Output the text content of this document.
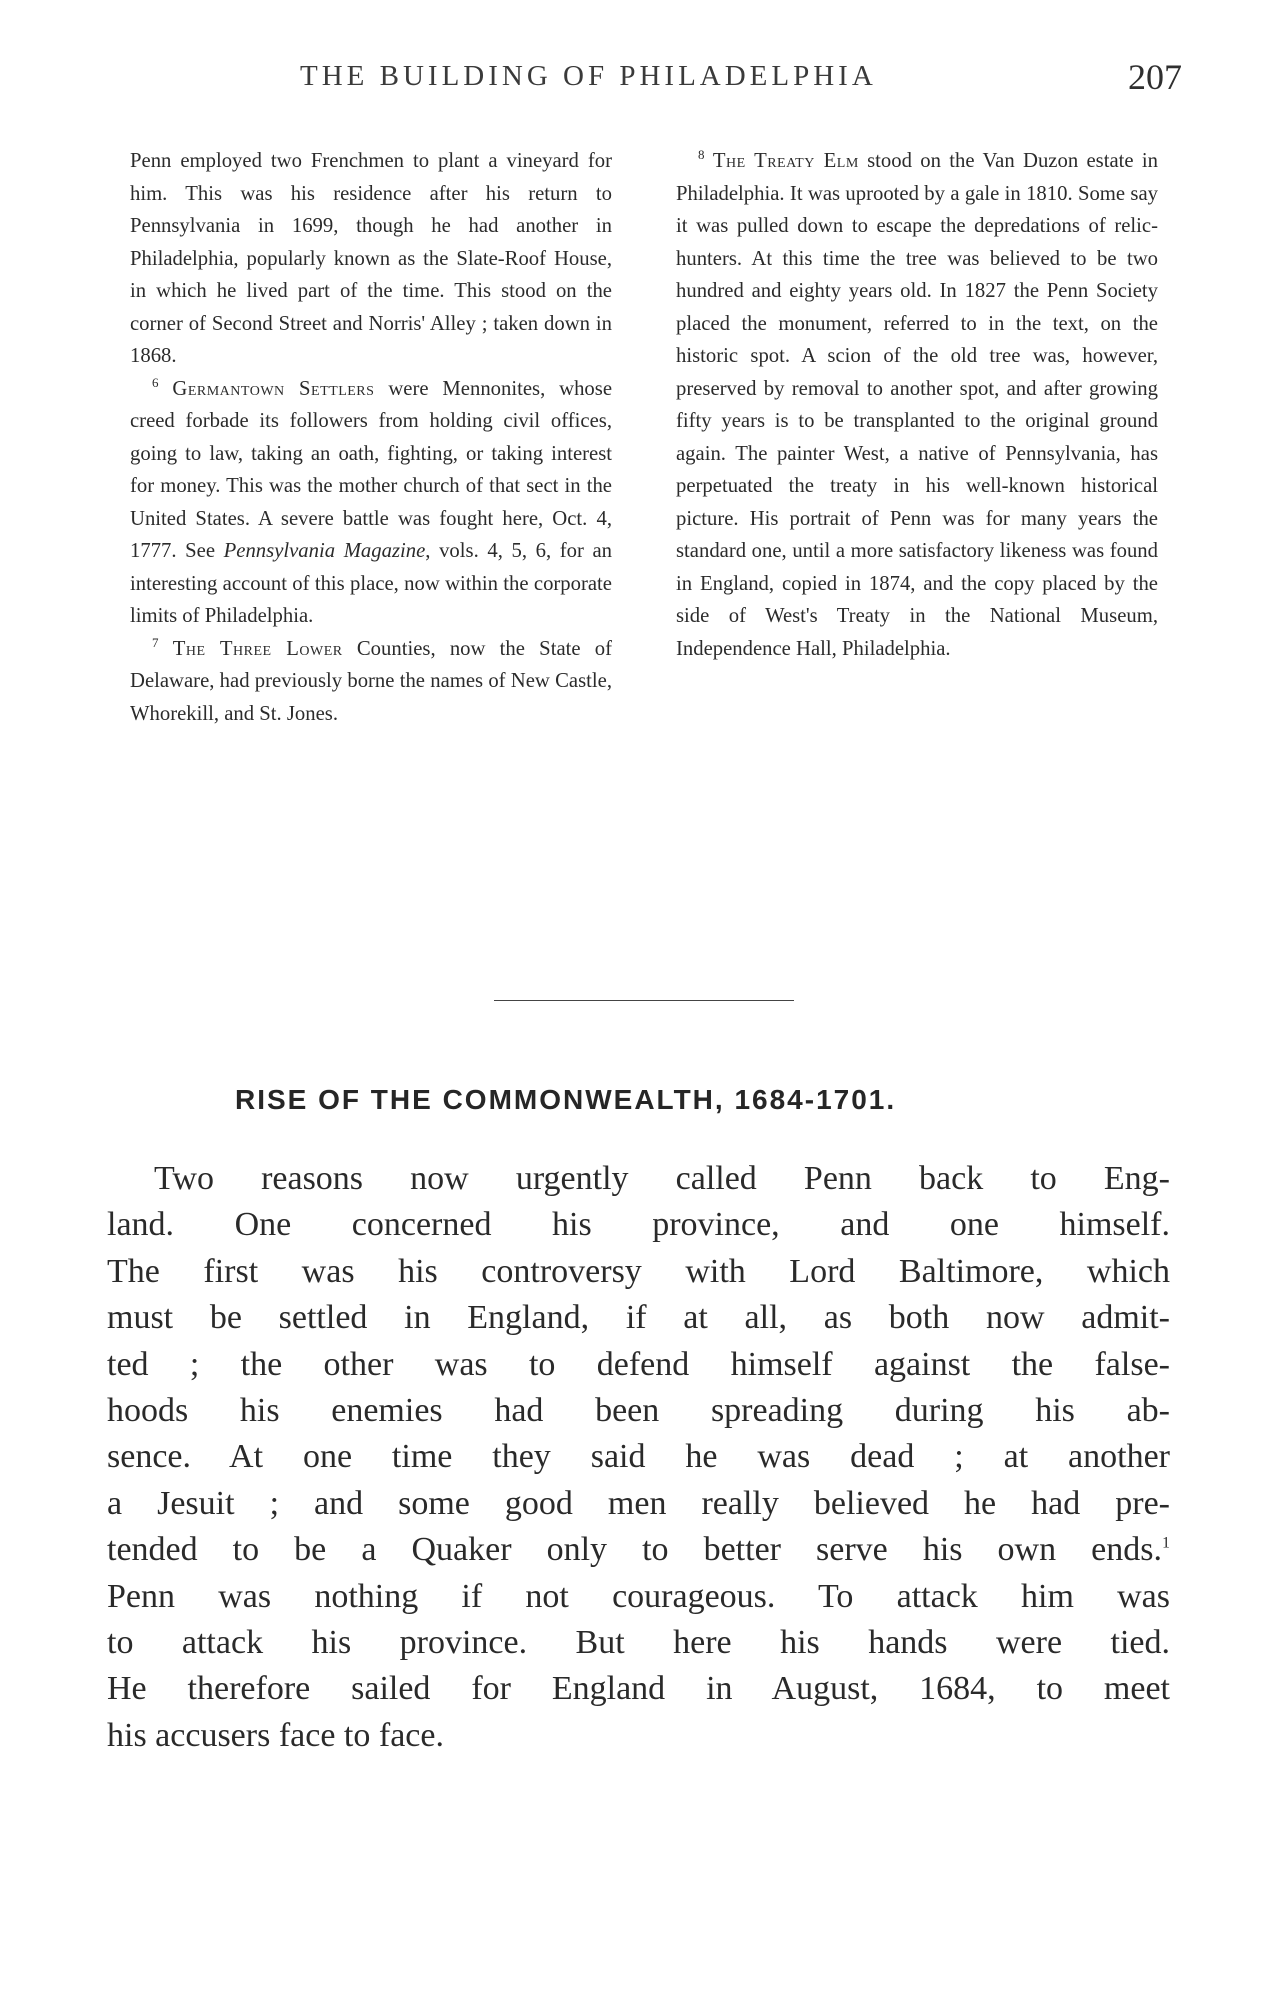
THE BUILDING OF PHILADELPHIA	207

Penn employed two Frenchmen to plant a vineyard for him. This was his residence after his return to Pennsylvania in 1699, though he had another in Philadelphia, popularly known as the Slate-Roof House, in which he lived part of the time. This stood on the corner of Second Street and Norris' Alley ; taken down in 1868.

$^6$ Germantown Settlers were Mennonites, whose creed forbade its followers from holding civil offices, going to law, taking an oath, fighting, or taking interest for money. This was the mother church of that sect in the United States. A severe battle was fought here, Oct. 4, 1777. See Pennsylvania Magazine, vols. 4, 5, 6, for an interesting account of this place, now within the corporate limits of Philadelphia.

$^7$ The Three Lower Counties, now the State of Delaware, had previously borne the names of New Castle, Whorekill, and St. Jones.

$^8$ The Treaty Elm stood on the Van Duzon estate in Philadelphia. It was uprooted by a gale in 1810. Some say it was pulled down to escape the depredations of relic-hunters. At this time the tree was believed to be two hundred and eighty years old. In 1827 the Penn Society placed the monument, referred to in the text, on the historic spot. A scion of the old tree was, however, preserved by removal to another spot, and after growing fifty years is to be transplanted to the original ground again. The painter West, a native of Pennsylvania, has perpetuated the treaty in his well-known historical picture. His portrait of Penn was for many years the standard one, until a more satisfactory likeness was found in England, copied in 1874, and the copy placed by the side of West's Treaty in the National Museum, Independence Hall, Philadelphia.

RISE OF THE COMMONWEALTH, 1684-1701.
Two reasons now urgently called Penn back to Eng-
land. One concerned his province, and one himself.
The first was his controversy with Lord Baltimore, which
must be settled in England, if at all, as both now admit-
ted ; the other was to defend himself against the false-
hoods his enemies had been spreading during his ab-
sence. At one time they said he was dead ; at another
a Jesuit ; and some good men really believed he had pre-
tended to be a Quaker only to better serve his own ends.$^1$
Penn was nothing if not courageous. To attack him was
to attack his province. But here his hands were tied.
He therefore sailed for England in August, 1684, to meet
his accusers face to face.
